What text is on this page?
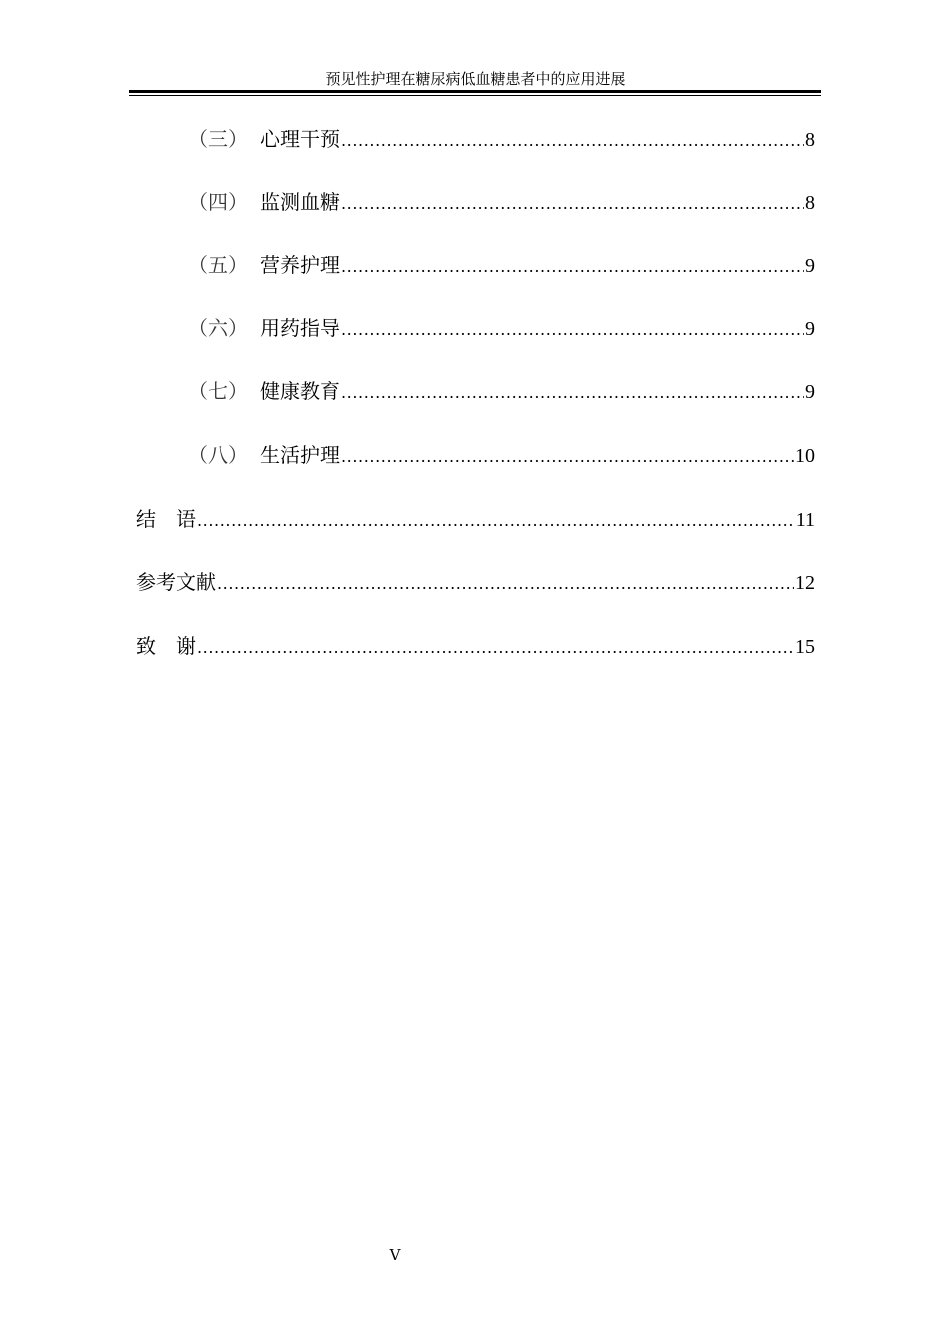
预见性护理在糖尿病低血糖患者中的应用进展
（三） 心理干预 .....	8
（四） 监测血糖 .....	8
（五） 营养护理 .....	9
（六） 用药指导 .....	9
（七） 健康教育 .....	9
（八） 生活护理 .....	10
结　语 .....	11
参考文献 .....	12
致　谢 .....	15
V
